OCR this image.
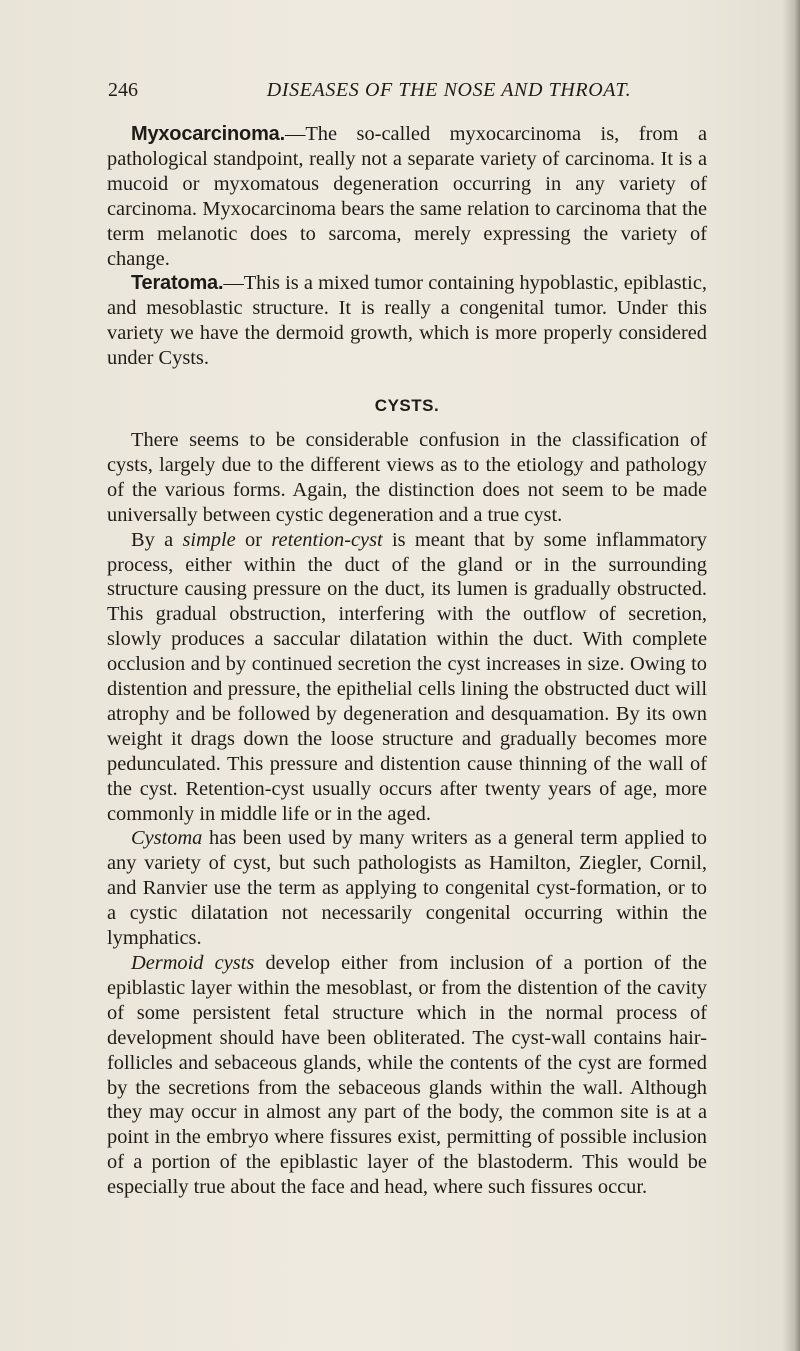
246	DISEASES OF THE NOSE AND THROAT.

Myxocarcinoma.—The so-called myxocarcinoma is, from a pathological standpoint, really not a separate variety of carcinoma. It is a mucoid or myxomatous degeneration occurring in any variety of carcinoma. Myxocarcinoma bears the same relation to carcinoma that the term melanotic does to sarcoma, merely expressing the variety of change.

Teratoma.—This is a mixed tumor containing hypoblastic, epiblastic, and mesoblastic structure. It is really a congenital tumor. Under this variety we have the dermoid growth, which is more properly considered under Cysts.

CYSTS.

There seems to be considerable confusion in the classification of cysts, largely due to the different views as to the etiology and pathology of the various forms. Again, the distinction does not seem to be made universally between cystic degeneration and a true cyst.

By a simple or retention-cyst is meant that by some inflammatory process, either within the duct of the gland or in the surrounding structure causing pressure on the duct, its lumen is gradually obstructed. This gradual obstruction, interfering with the outflow of secretion, slowly produces a saccular dilatation within the duct. With complete occlusion and by continued secretion the cyst increases in size. Owing to distention and pressure, the epithelial cells lining the obstructed duct will atrophy and be followed by degeneration and desquamation. By its own weight it drags down the loose structure and gradually becomes more pedunculated. This pressure and distention cause thinning of the wall of the cyst. Retention-cyst usually occurs after twenty years of age, more commonly in middle life or in the aged.

Cystoma has been used by many writers as a general term applied to any variety of cyst, but such pathologists as Hamilton, Ziegler, Cornil, and Ranvier use the term as applying to congenital cyst-formation, or to a cystic dilatation not necessarily congenital occurring within the lymphatics.

Dermoid cysts develop either from inclusion of a portion of the epiblastic layer within the mesoblast, or from the distention of the cavity of some persistent fetal structure which in the normal process of development should have been obliterated. The cyst-wall contains hair-follicles and sebaceous glands, while the contents of the cyst are formed by the secretions from the sebaceous glands within the wall. Although they may occur in almost any part of the body, the common site is at a point in the embryo where fissures exist, permitting of possible inclusion of a portion of the epiblastic layer of the blastoderm. This would be especially true about the face and head, where such fissures occur.
